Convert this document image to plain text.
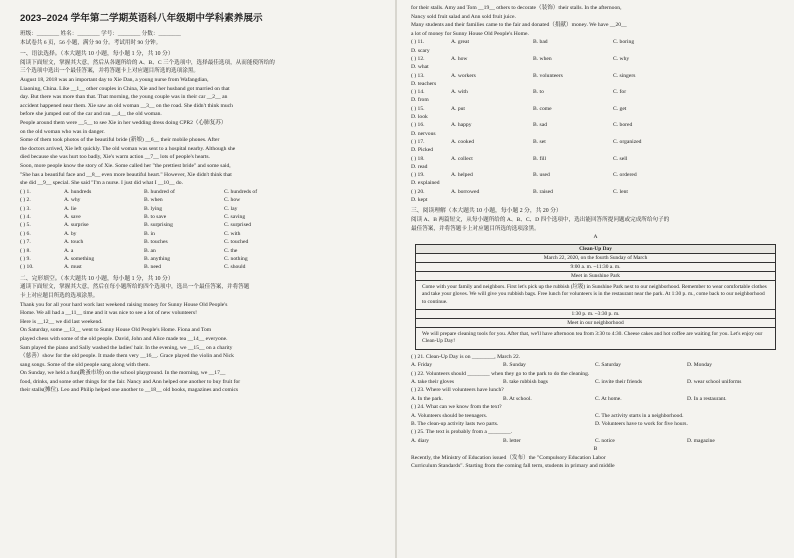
2023–2024 学年第二学期英语科八年级期中学科素养展示
班级：________ 姓名：________ 学号：________ 分数：________
本试卷共 6 页，56 小题，满分 90 分。考试用时 90 分钟。
一、语法选择。（本大题共 10 小题，每小题 1 分，共 10 分）
阅读下面短文，掌握其大意，然后从各题所给的 A、B、C 三个选项中，选择最佳选项，从而能使所给的
三个选项中选出一个最佳答案，并将答题卡上对应题目所选的选项涂黑。
August 18, 2018 was an important day to Xie Dan, a young nurse from Wafangdian,
Liaoning, China. Like __1__ other couples in China, Xie and her husband got married on that
day. But there was more than that. That morning, the young couple was in their car __2__ an
accident happened near them. Xie saw an old woman __3__ on the road. She didn't think much
before she jumped out of the car and ran __4__ the old woman.
People around them were __5__ to see Xie in her wedding dress doing CPR2（心肺复苏）
on the old woman who was in danger.
Some of them took photos of the beautiful bride (新娘) __6__ their mobile phones. After
the doctors arrived, Xie left quickly. The old woman was sent to a hospital nearby. Although she
died because she was hurt too badly, Xie's warm action __7__ lots of people's hearts.
Soon, more people know the story of Xie. Some called her "the prettiest bride" and some said,
"She has a beautiful face and __8__ even more beautiful heart." However, Xie didn't think that
she did __9__ special. She said "I'm a nurse. I just did what I __10__ do.
( ) 1.	A. hundreds	B. hundred of	C. hundreds of
( ) 2.	A. why	B. when	C. how
( ) 3.	A. lie	B. lying	C. lay
( ) 4.	A. save	B. to save	C. saving
( ) 5.	A. surprise	B. surprising	C. surprised
( ) 6.	A. by	B. in	C. with
( ) 7.	A. touch	B. touches	C. touched
( ) 8.	A. a	B. an	C. the
( ) 9.	A. something	B. anything	C. nothing
( ) 10.	A. must	B. need	C. should
二、完形填空。（本大题共 10 小题，每小题 1 分，共 10 分）
通读下面短文，掌握其大意，然后在每小题所给的四个选项中，选出一个最佳答案，并将答题
卡上对应题目所选的选项涂黑。
Thank you for all your hard work last weekend raising money for Sunny House Old People's
Home. We all had a __11__ time and it was nice to see a lot of new volunteers!
Here is __12__ we did last weekend.
On Saturday, some __13__ went to Sunny House Old People's Home. Fiona and Tom
played chess with some of the old people. David, John and Alice made tea __14__ everyone.
Sam played the piano and Sally washed the ladies' hair. In the evening, we __15__ on a charity
（慈善）show for the old people. It made them very __16__. Grace played the violin and Nick
sang songs. Some of the old people sang along with them.
On Sunday, we held a fun(跳蚤市场) on the school playground. In the morning, we __17__
food, drinks, and some other things for the fair. Nancy and Ann helped one another to buy fruit for
their stalls(摊位). Leo and Philip helped one another to __18__ old books, magazines and comics
for their stalls. Amy and Tom __19__ others to decorate（装饰）their stalls. In the afternoon,
Nancy sold fruit salad and Ann sold fruit juice.
Many students and their families came to the fair and donated（捐献）money. We have __20__
a lot of money for Sunny House Old People's Home.
( ) 11.	A. great	B. bad	C. boring
D. scary
( ) 12.	A. how	B. when	C. why
D. what
( ) 13.	A. workers	B. volunteers	C. singers
D. teachers
( ) 14.	A. with	B. to	C. for
D. from
( ) 15.	A. put	B. come	C. get
D. look
( ) 16.	A. happy	B. sad	C. bored
D. nervous
( ) 17.	A. cooked	B. set	C. organized
D. Picked
( ) 18.	A. collect	B. fill	C. sell
D. read
( ) 19.	A. helped	B. used	C. ordered
D. explained
( ) 20.	A. borrowed	B. raised	C. lent
D. kept
三、阅读理解（本大题共 10 小题，每小题 2 分，共 20 分）
阅读 A、B 两篇短文，从每小题所给的 A、B、C、D 四个选项中，选出能回答所提问题或完成所给句子的
最佳答案，并将答题卡上对应题目所选的选项涂黑。
A
Clean-Up Day
March 22, 2020, on the fourth Sunday of March
9:00 a. m. ~11:30 a. m.
Meet in Sunshine Park
Come with your family and neighbors. First let's pick up the rubbish (垃圾) in Sunshine Park next to our neighborhood. Remember to wear comfortable clothes and take your gloves. We will give you rubbish bags. Free lunch for volunteers is in the restaurant near the park. At 1:30 p. m., come back to our neighborhood to continue.
1:30 p. m. ~3:30 p. m.
Meet in our neighborhood
We will prepare cleaning tools for you. After that, we'll have afternoon tea from 3:30 to 4:30. Cheese cakes and hot coffee are waiting for you. Let's enjoy our Clean-Up Day!
( ) 21. Clean-Up Day is on ________, March 22.
A. Friday	B. Sunday	C. Saturday	D. Monday
( ) 22. Volunteers should ________ when they go to the park to do the cleaning.
A. take their gloves	B. take rubbish bags	C. invite their friends	D. wear school uniforms
( ) 23. Where will volunteers have lunch?
A. In the park.	B. At school.	C. At home.	D. In a restaurant.
( ) 24. What can we know from the text?
A. Volunteers should be teenagers.	C. The activity starts in a neighborhood.
B. The clean-up activity lasts two parts.	D. Volunteers have to work for five hours.
( ) 25. The text is probably from a ________.
A. diary	B. letter	C. notice	D. magazine
B
Recently, the Ministry of Education issued（发布）the "Compulsory Education Labor
Curriculum Standards". Starting from the coming fall term, students in primary and middle
